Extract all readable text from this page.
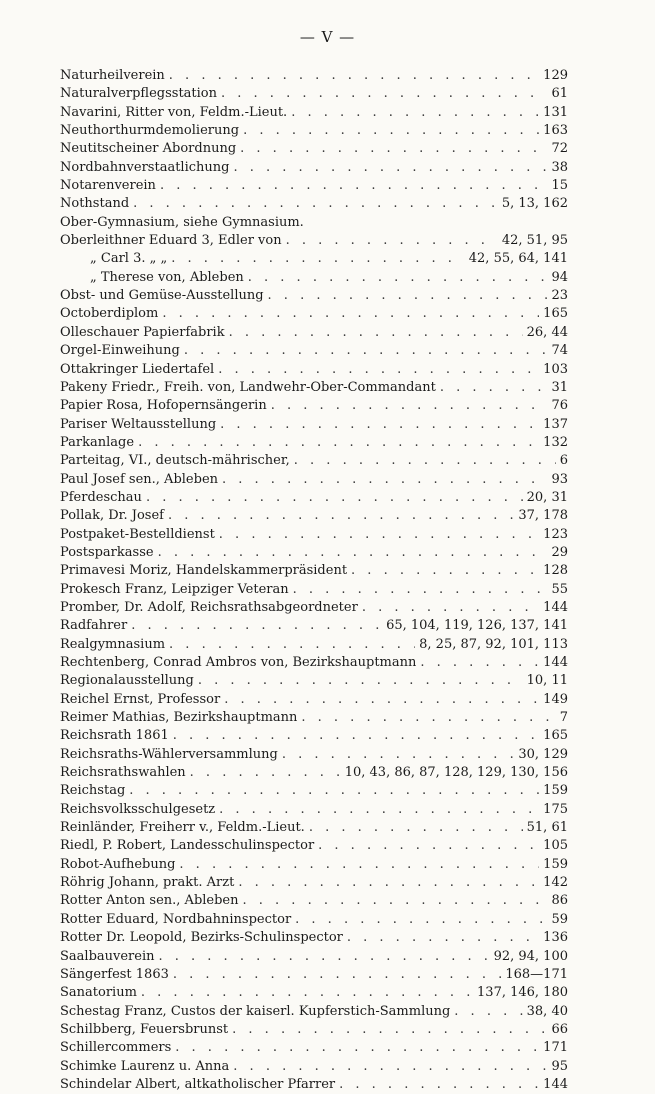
— V —
Naturheilverein . . .	129
Naturalverpflegsstation . . .	61
Navarini, Ritter von, Feldm.-Lieut. . . .	131
Neuthorthurmdemolierung . . .	163
Neutitscheiner Abordnung . . .	72
Nordbahnverstaatlichung . . .	38
Notarenverein . . .	15
Nothstand . . .	5, 13, 162
Ober-Gymnasium, siehe Gymnasium.
Oberleithner Eduard 3, Edler von . . .	42, 51, 95
„ Carl 3. „ „ . . .	42, 55, 64, 141
„ Therese von, Ableben . . .	94
Obst- und Gemüse-Ausstellung . . .	23
Octoberdiplom . . .	165
Olleschauer Papierfabrik . . .	26, 44
Orgel-Einweihung . . .	74
Ottakringer Liedertafel . . .	103
Pakeny Friedr., Freih. von, Landwehr-Ober-Commandant . . .	31
Papier Rosa, Hofopernsängerin . . .	76
Pariser Weltausstellung . . .	137
Parkanlage . . .	132
Parteitag, VI., deutsch-mährischer, . . .	6
Paul Josef sen., Ableben . . .	93
Pferdeschau . . .	20, 31
Pollak, Dr. Josef . . .	37, 178
Postpaket-Bestelldienst . . .	123
Postsparkasse . . .	29
Primavesi Moriz, Handelskammerpräsident . . .	128
Prokesch Franz, Leipziger Veteran . . .	55
Promber, Dr. Adolf, Reichsrathsabgeordneter . . .	144
Radfahrer . . .	65, 104, 119, 126, 137, 141
Realgymnasium . . .	8, 25, 87, 92, 101, 113
Rechtenberg, Conrad Ambros von, Bezirkshauptmann . . .	144
Regionalausstellung . . .	10, 11
Reichel Ernst, Professor . . .	149
Reimer Mathias, Bezirkshauptmann . . .	7
Reichsrath 1861 . . .	165
Reichsraths-Wählerversammlung . . .	30, 129
Reichsrathswahlen . . .	10, 43, 86, 87, 128, 129, 130, 156
Reichstag . . .	159
Reichsvolksschulgesetz . . .	175
Reinländer, Freiherr v., Feldm.-Lieut. . . .	51, 61
Riedl, P. Robert, Landesschulinspector . . .	105
Robot-Aufhebung . . .	159
Röhrig Johann, prakt. Arzt . . .	142
Rotter Anton sen., Ableben . . .	86
Rotter Eduard, Nordbahninspector . . .	59
Rotter Dr. Leopold, Bezirks-Schulinspector . . .	136
Saalbauverein . . .	92, 94, 100
Sängerfest 1863 . . .	168—171
Sanatorium . . .	137, 146, 180
Schestag Franz, Custos der kaiserl. Kupferstich-Sammlung . . .	38, 40
Schilbberg, Feuersbrunst . . .	66
Schillercommers . . .	171
Schimke Laurenz u. Anna . . .	95
Schindelar Albert, altkatholischer Pfarrer . . .	144
